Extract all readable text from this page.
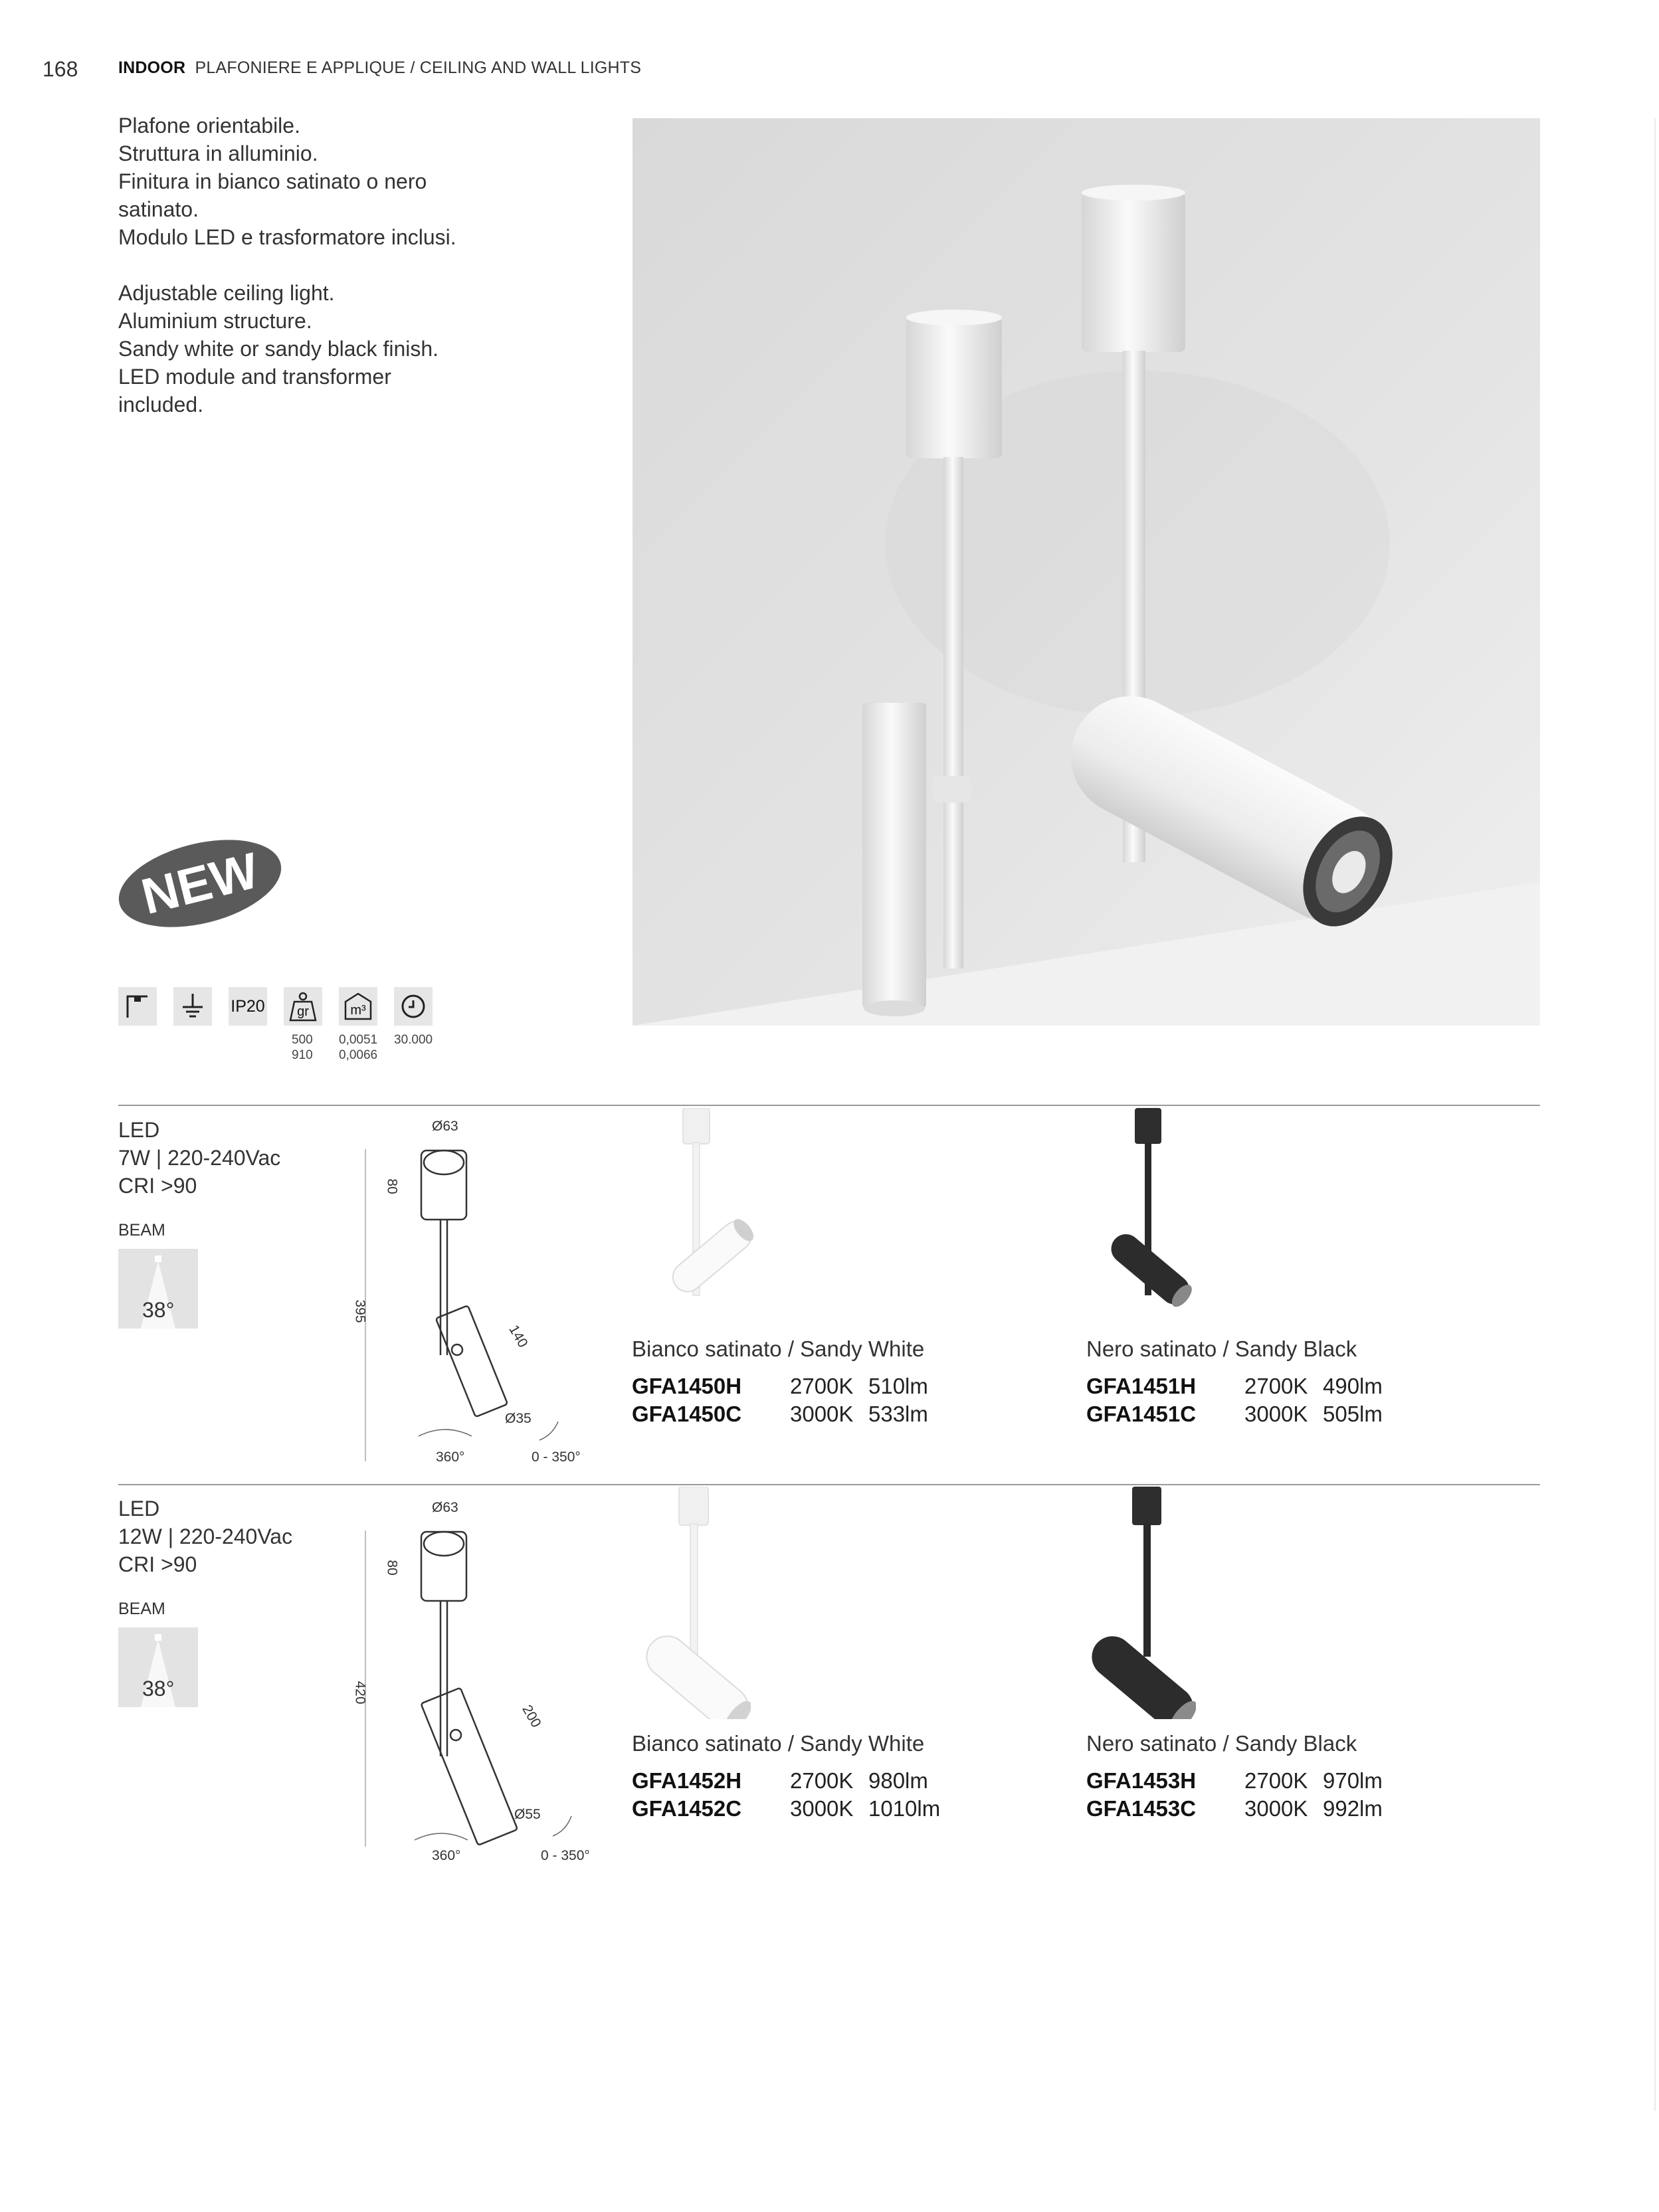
168 INDOOR PLAFONIERE E APPLIQUE / CEILING AND WALL LIGHTS
Plafone orientabile.
Struttura in alluminio.
Finitura in bianco satinato o nero
satinato.
Modulo LED e trasformatore inclusi.
Adjustable ceiling light.
Aluminium structure.
Sandy white or sandy black finish.
LED module and transformer
included.
NEW
IP20	gr	m³
500
910
0,0051
0,0066
30.000
LED
7W | 220-240Vac
CRI >90
BEAM
38°
Ø63
80
395
140
Ø35
360°	0 - 350°
Bianco satinato / Sandy White
GFA1450H 2700K 510lm
GFA1450C 3000K 533lm
Nero satinato / Sandy Black
GFA1451H 2700K 490lm
GFA1451C 3000K 505lm
LED
12W | 220-240Vac
CRI >90
BEAM
38°
Ø63
80
420
200
Ø55
360°	0 - 350°
Bianco satinato / Sandy White
GFA1452H 2700K 980lm
GFA1452C 3000K 1010lm
Nero satinato / Sandy Black
GFA1453H 2700K 970lm
GFA1453C 3000K 992lm
